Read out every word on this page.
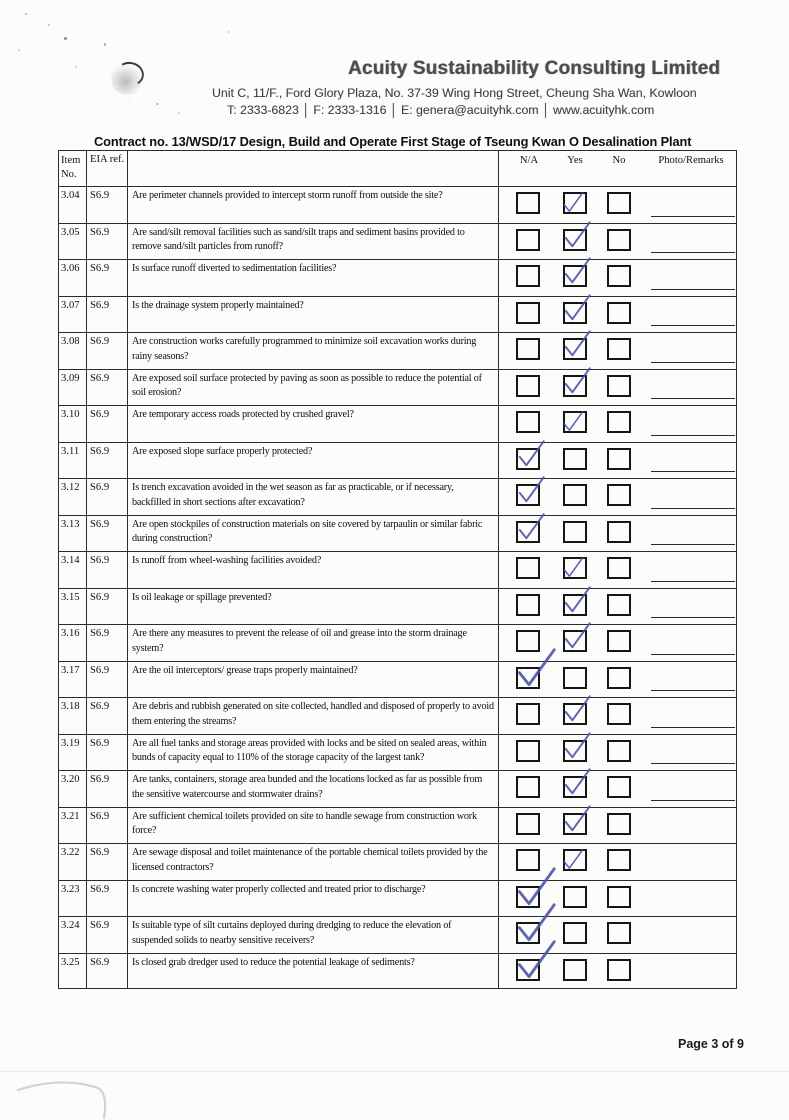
· ·:
Acuity Sustainability Consulting Limited
Unit C, 11/F., Ford Glory Plaza, No. 37-39 Wing Hong Street, Cheung Sha Wan, Kowloon
T: 2333-6823 │ F: 2333-1316 │ E: genera@acuityhk.com │ www.acuityhk.com
Contract no. 13/WSD/17 Design, Build and Operate First Stage of Tseung Kwan O Desalination Plant
Item
No.
EIA ref.	N/A	Yes	No	Photo/Remarks
3.04 S6.9	Are perimeter channels provided to intercept storm runoff from outside the site?
3.05 S6.9	Are sand/silt removal facilities such as sand/silt traps and sediment basins provided to remove sand/silt particles from runoff?
3.06 S6.9	Is surface runoff diverted to sedimentation facilities?
3.07 S6.9	Is the drainage system properly maintained?
3.08 S6.9	Are construction works carefully programmed to minimize soil excavation works during rainy seasons?
3.09 S6.9	Are exposed soil surface protected by paving as soon as possible to reduce the potential of soil erosion?
3.10 S6.9	Are temporary access roads protected by crushed gravel?
3.11	S6.9	Are exposed slope surface properly protected?
3.12 S6.9	Is trench excavation avoided in the wet season as far as practicable, or if necessary, backfilled in short sections after excavation?
3.13 S6.9	Are open stockpiles of construction materials on site covered by tarpaulin or similar fabric during construction?
3.14 S6.9	Is runoff from wheel-washing facilities avoided?
3.15 S6.9	Is oil leakage or spillage prevented?
3.16 S6.9	Are there any measures to prevent the release of oil and grease into the storm drainage system?
3.17 S6.9	Are the oil interceptors/ grease traps properly maintained?
3.18 S6.9	Are debris and rubbish generated on site collected, handled and disposed of properly to avoid them entering the streams?
3.19 S6.9	Are all fuel tanks and storage areas provided with locks and be sited on sealed areas, within bunds of capacity equal to 110% of the storage capacity of the largest tank?
3.20 S6.9	Are tanks, containers, storage area bunded and the locations locked as far as possible from the sensitive watercourse and stormwater drains?
3.21 S6.9	Are sufficient chemical toilets provided on site to handle sewage from construction work force?
3.22 S6.9	Are sewage disposal and toilet maintenance of the portable chemical toilets provided by the licensed contractors?
3.23 S6.9	Is concrete washing water properly collected and treated prior to discharge?
3.24 S6.9	Is suitable type of silt curtains deployed during dredging to reduce the elevation of suspended solids to nearby sensitive receivers?
3.25 S6.9	Is closed grab dredger used to reduce the potential leakage of sediments?
Page 3 of 9
